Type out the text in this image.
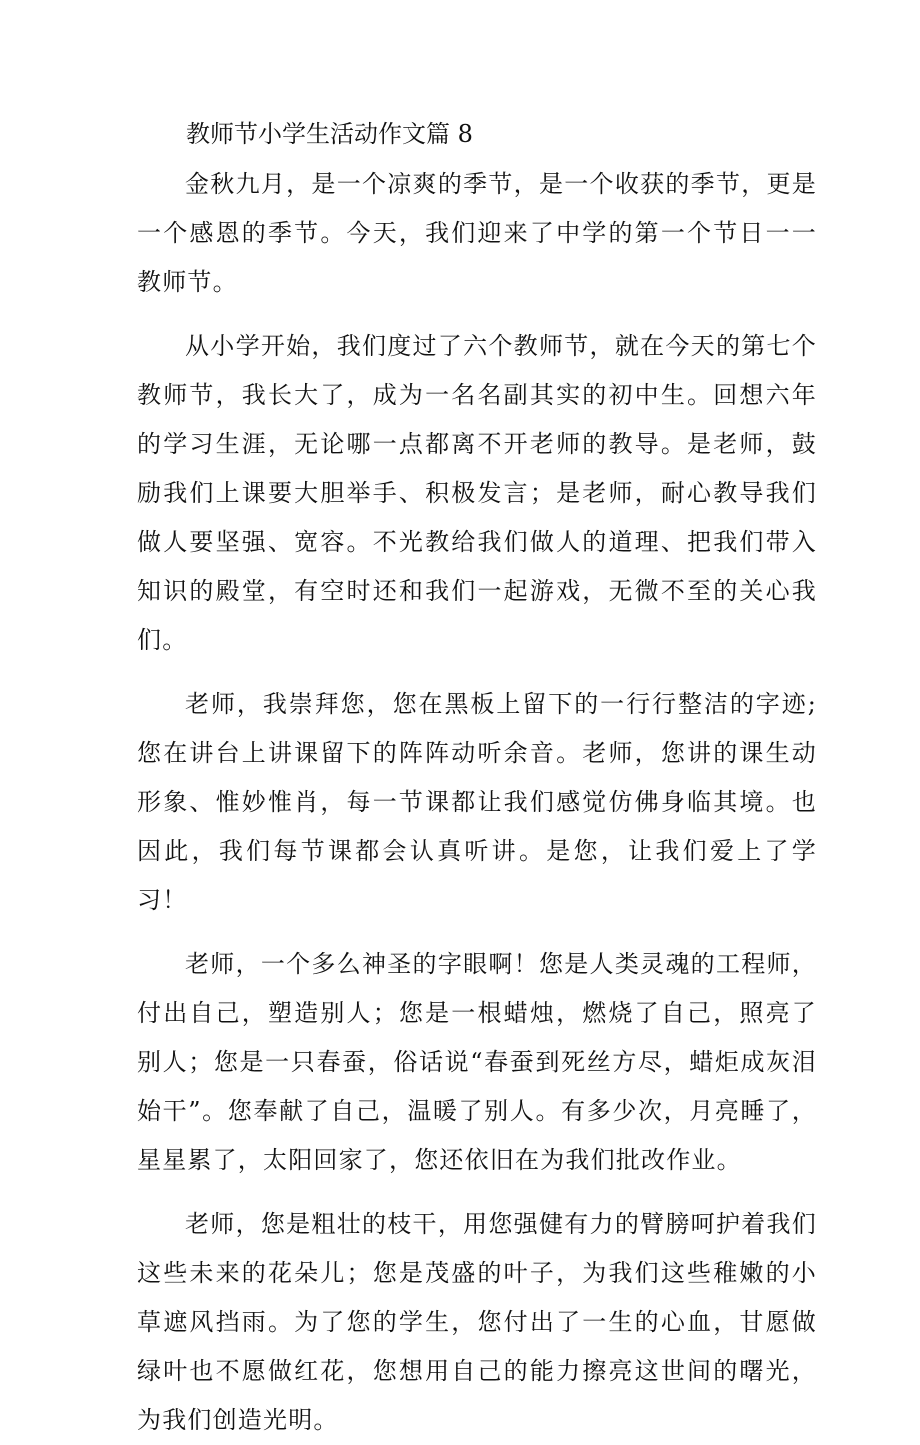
教师节小学生活动作文篇 8

金秋九月，是一个凉爽的季节，是一个收获的季节，更是一个感恩的季节。今天，我们迎来了中学的第一个节日一一教师节。

从小学开始，我们度过了六个教师节，就在今天的第七个教师节，我长大了，成为一名名副其实的初中生。回想六年的学习生涯，无论哪一点都离不开老师的教导。是老师，鼓励我们上课要大胆举手、积极发言；是老师，耐心教导我们做人要坚强、宽容。不光教给我们做人的道理、把我们带入知识的殿堂，有空时还和我们一起游戏，无微不至的关心我们。

老师，我崇拜您，您在黑板上留下的一行行整洁的字迹;您在讲台上讲课留下的阵阵动听余音。老师，您讲的课生动形象、惟妙惟肖，每一节课都让我们感觉仿佛身临其境。也因此，我们每节课都会认真听讲。是您，让我们爱上了学习！

老师，一个多么神圣的字眼啊！您是人类灵魂的工程师，付出自己，塑造别人；您是一根蜡烛，燃烧了自己，照亮了别人；您是一只春蚕，俗话说“春蚕到死丝方尽，蜡炬成灰泪始干”。您奉献了自己，温暖了别人。有多少次，月亮睡了，星星累了，太阳回家了，您还依旧在为我们批改作业。

老师，您是粗壮的枝干，用您强健有力的臂膀呵护着我们这些未来的花朵儿；您是茂盛的叶子，为我们这些稚嫩的小草遮风挡雨。为了您的学生，您付出了一生的心血，甘愿做绿叶也不愿做红花，您想用自己的能力擦亮这世间的曙光，为我们创造光明。
